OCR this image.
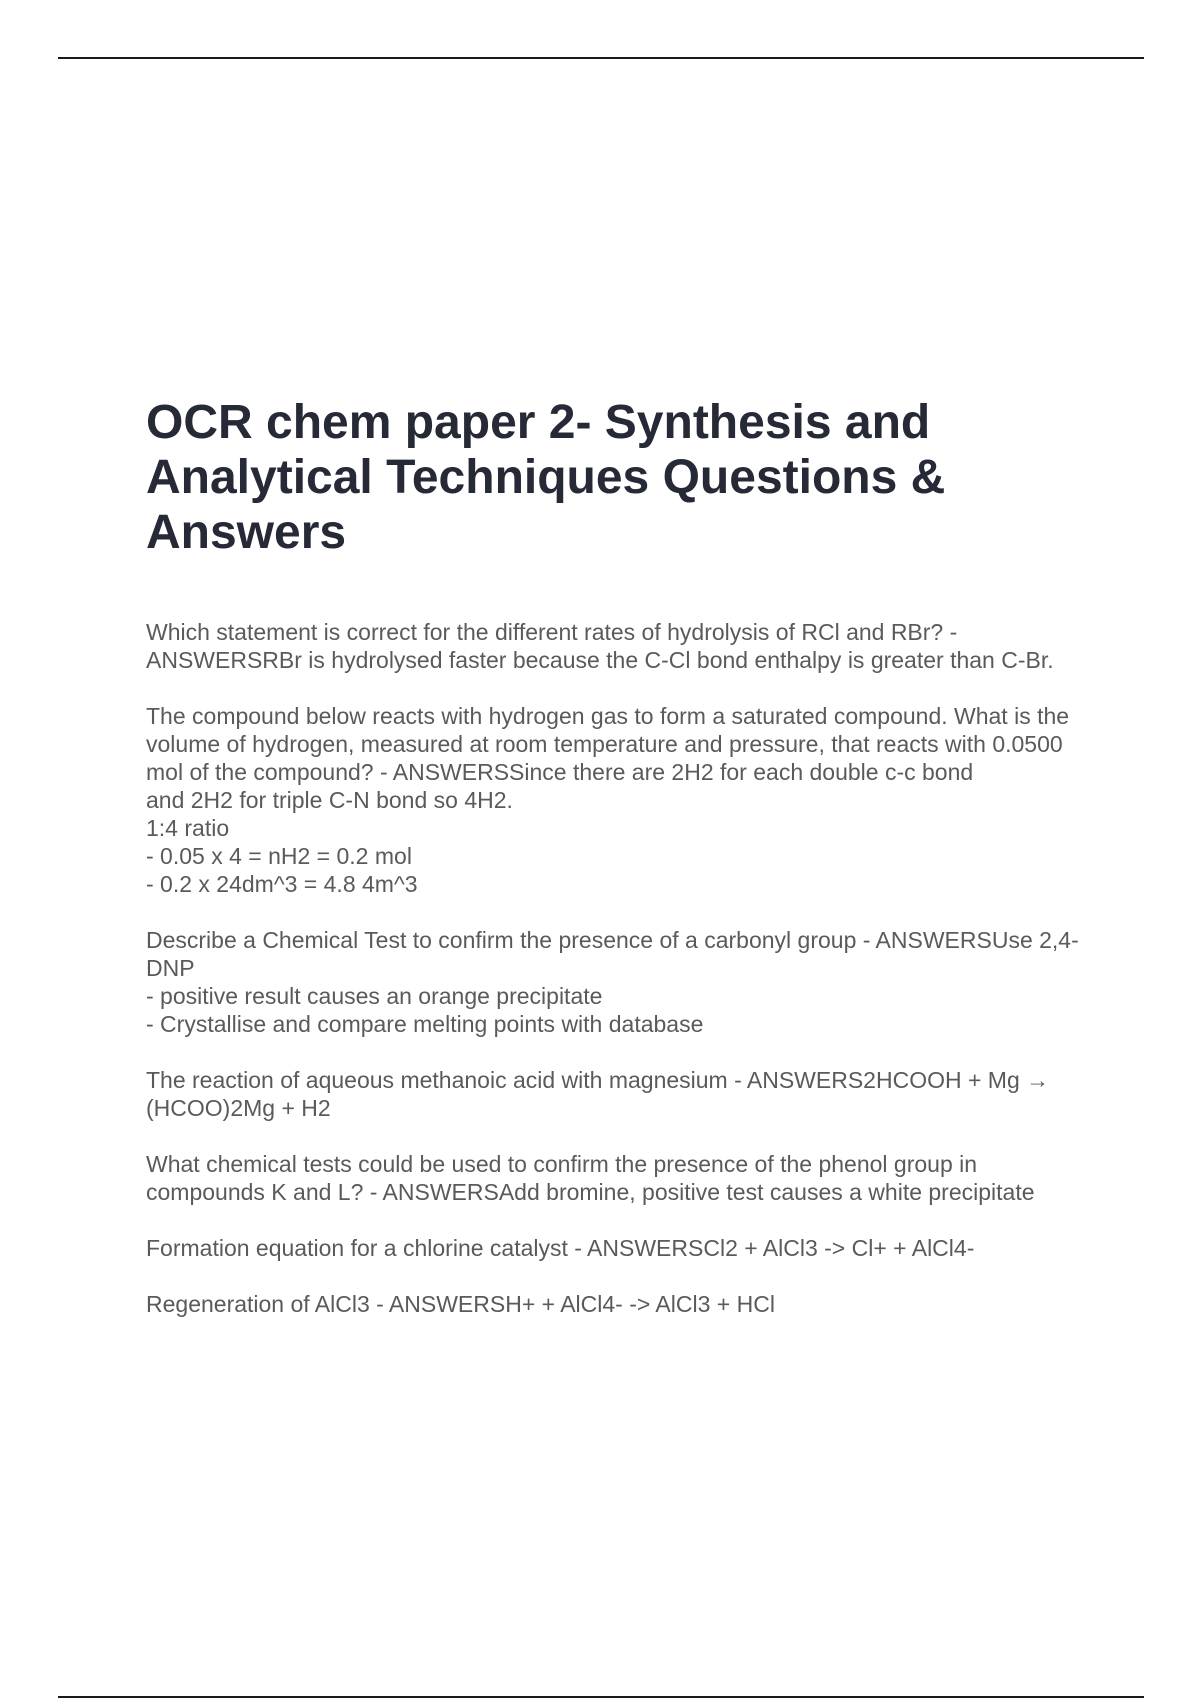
OCR chem paper 2- Synthesis and Analytical Techniques Questions & Answers

Which statement is correct for the different rates of hydrolysis of RCl and RBr? - ANSWERSRBr is hydrolysed faster because the C-Cl bond enthalpy is greater than C-Br.

The compound below reacts with hydrogen gas to form a saturated compound. What is the volume of hydrogen, measured at room temperature and pressure, that reacts with 0.0500 mol of the compound? - ANSWERSSince there are 2H2 for each double c-c bond
and 2H2 for triple C-N bond so 4H2.
1:4 ratio
- 0.05 x 4 = nH2 = 0.2 mol
- 0.2 x 24dm^3 = 4.8 4m^3

Describe a Chemical Test to confirm the presence of a carbonyl group - ANSWERSUse 2,4-DNP
- positive result causes an orange precipitate
- Crystallise and compare melting points with database

The reaction of aqueous methanoic acid with magnesium - ANSWERS2HCOOH + Mg → (HCOO)2Mg + H2

What chemical tests could be used to confirm the presence of the phenol group in compounds K and L? - ANSWERSAdd bromine, positive test causes a white precipitate

Formation equation for a chlorine catalyst - ANSWERSCl2 + AlCl3 -> Cl+ + AlCl4-

Regeneration of AlCl3 - ANSWERSH+ + AlCl4- -> AlCl3 + HCl
